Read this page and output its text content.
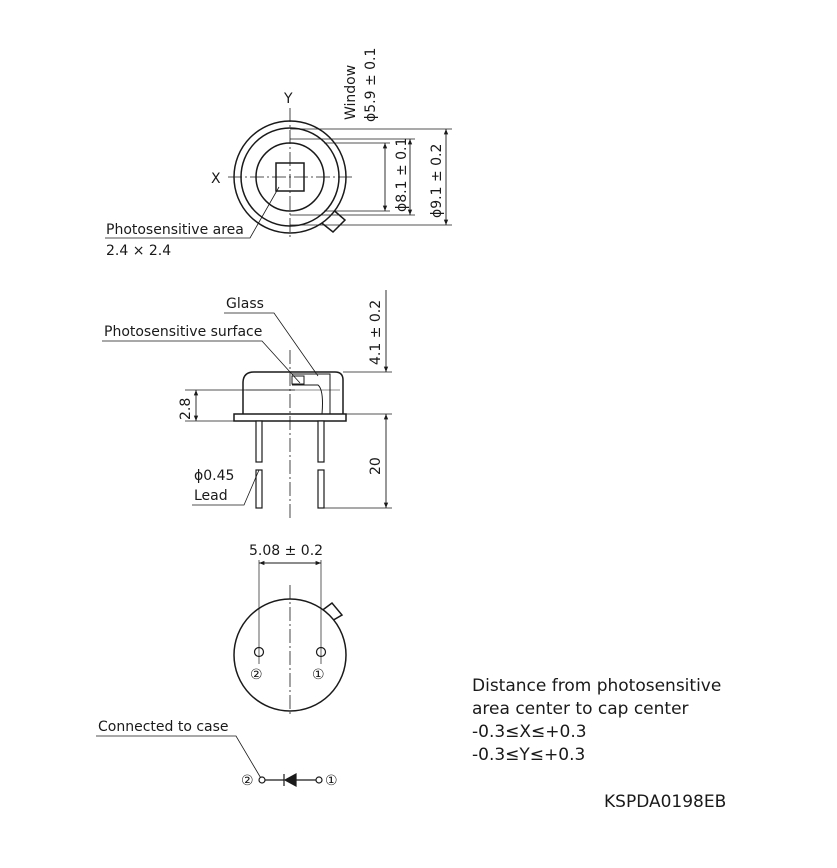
Y
X
Window ϕ5.9 ± 0.1
ϕ8.1 ± 0.1 ϕ9.1 ± 0.2
Photosensitive area
2.4 × 2.4
Glass
Photosensitive surface	4.1 ± 0.2
2.8
20
ϕ0.45
Lead
5.08 ± 0.2
②	①
Connected to case
②	①
Distance from photosensitive
area center to cap center
-0.3≤X≤+0.3
-0.3≤Y≤+0.3
KSPDA0198EB
